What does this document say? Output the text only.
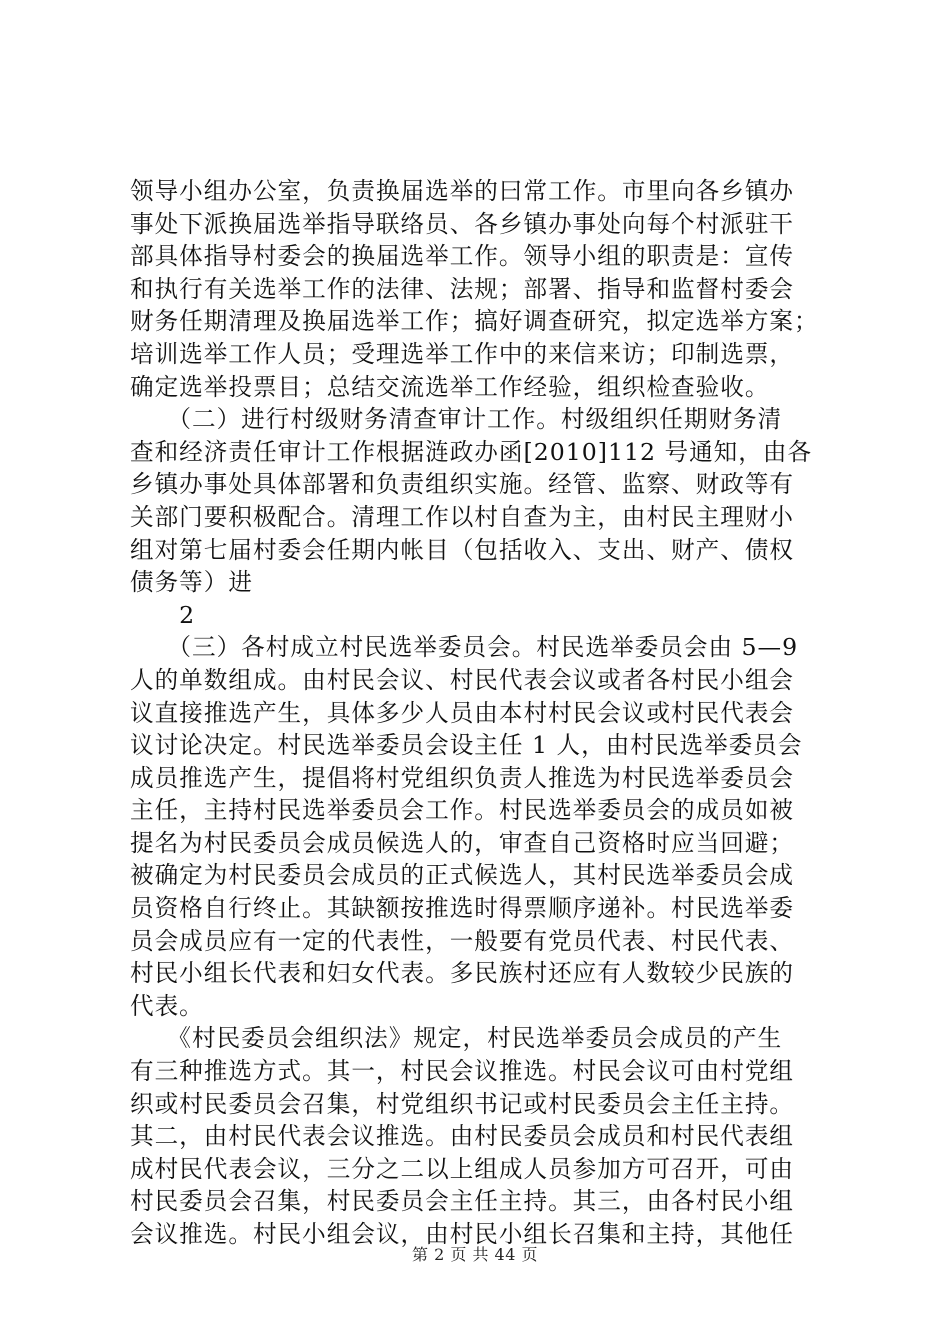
领导小组办公室，负责换届选举的曰常工作。市里向各乡镇办
事处下派换届选举指导联络员、各乡镇办事处向每个村派驻干
部具体指导村委会的换届选举工作。领导小组的职责是：宣传
和执行有关选举工作的法律、法规；部署、指导和监督村委会
财务任期清理及换届选举工作；搞好调查研究，拟定选举方案；
培训选举工作人员；受理选举工作中的来信来访；印制选票，
确定选举投票目；总结交流选举工作经验，组织检查验收。
　　（二）进行村级财务清查审计工作。村级组织任期财务清
查和经济责任审计工作根据涟政办函[2010]112 号通知，由各
乡镇办事处具体部署和负责组织实施。经管、监察、财政等有
关部门要积极配合。清理工作以村自查为主，由村民主理财小
组对第七届村委会任期内帐目（包括收入、支出、财产、债权
债务等）进
　　2
　　（三）各村成立村民选举委员会。村民选举委员会由 5—9
人的单数组成。由村民会议、村民代表会议或者各村民小组会
议直接推选产生，具体多少人员由本村村民会议或村民代表会
议讨论决定。村民选举委员会设主任 1 人，由村民选举委员会
成员推选产生，提倡将村党组织负责人推选为村民选举委员会
主任，主持村民选举委员会工作。村民选举委员会的成员如被
提名为村民委员会成员候选人的，审查自己资格时应当回避；
被确定为村民委员会成员的正式候选人，其村民选举委员会成
员资格自行终止。其缺额按推选时得票顺序递补。村民选举委
员会成员应有一定的代表性，一般要有党员代表、村民代表、
村民小组长代表和妇女代表。多民族村还应有人数较少民族的
代表。
　　《村民委员会组织法》规定，村民选举委员会成员的产生
有三种推选方式。其一，村民会议推选。村民会议可由村党组
织或村民委员会召集，村党组织书记或村民委员会主任主持。
其二，由村民代表会议推选。由村民委员会成员和村民代表组
成村民代表会议，三分之二以上组成人员参加方可召开，可由
村民委员会召集，村民委员会主任主持。其三，由各村民小组
会议推选。村民小组会议，由村民小组长召集和主持，其他任
第 2 页 共 44 页
